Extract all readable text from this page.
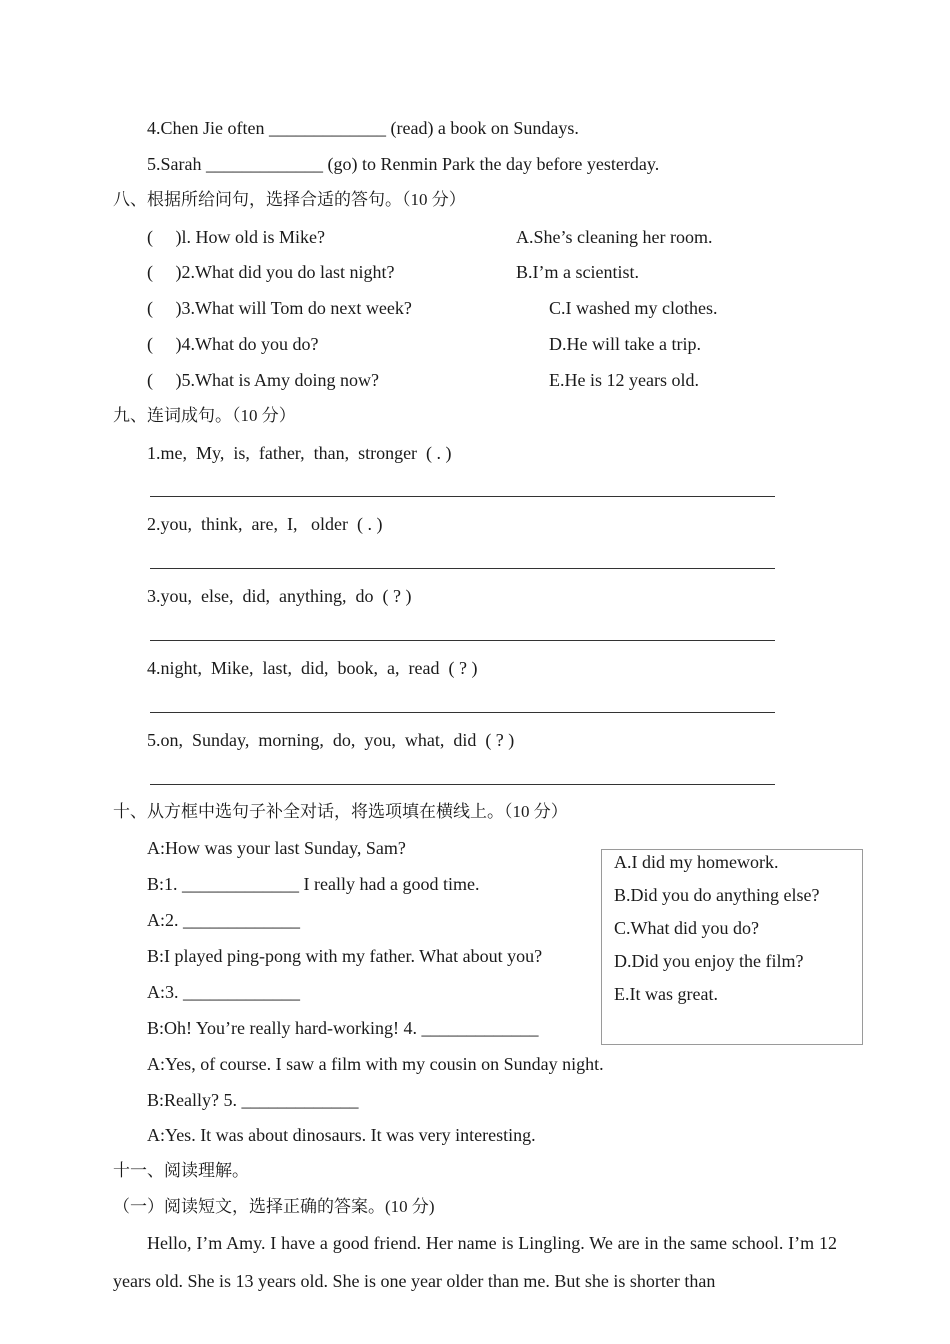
4.Chen Jie often _____________ (read) a book on Sundays.
5.Sarah _____________ (go) to Renmin Park the day before yesterday.
八、根据所给问句，选择合适的答句。（10 分）
(     )l. How old is Mike?
(     )2.What did you do last night?
(     )3.What will Tom do next week?
(     )4.What do you do?
(     )5.What is Amy doing now?
A.She’s cleaning her room.
B.I’m a scientist.
C.I washed my clothes.
D.He will take a trip.
E.He is 12 years old.
九、连词成句。（10 分）
1.me,  My,  is,  father,  than,  stronger  ( . )
2.you,  think,  are,  I,   older  ( . )
3.you,  else,  did,  anything,  do  ( ? )
4.night,  Mike,  last,  did,  book,  a,  read  ( ? )
5.on,  Sunday,  morning,  do,  you,  what,  did  ( ? )
十、从方框中选句子补全对话，将选项填在横线上。（10 分）
A:How was your last Sunday, Sam?
B:1. _____________ I really had a good time.
A:2. _____________
B:I played ping-pong with my father. What about you?
A:3. _____________
B:Oh! You’re really hard-working! 4. _____________
A:Yes, of course. I saw a film with my cousin on Sunday night.
B:Really? 5. _____________
A:Yes. It was about dinosaurs. It was very interesting.
A.I did my homework.
B.Did you do anything else?
C.What did you do?
D.Did you enjoy the film?
E.It was great.
十一、阅读理解。
（一）阅读短文，选择正确的答案。(10 分)
Hello, I’m Amy. I have a good friend. Her name is Lingling. We are in the same school. I’m 12 years old. She is 13 years old. She is one year older than me. But she is shorter than
